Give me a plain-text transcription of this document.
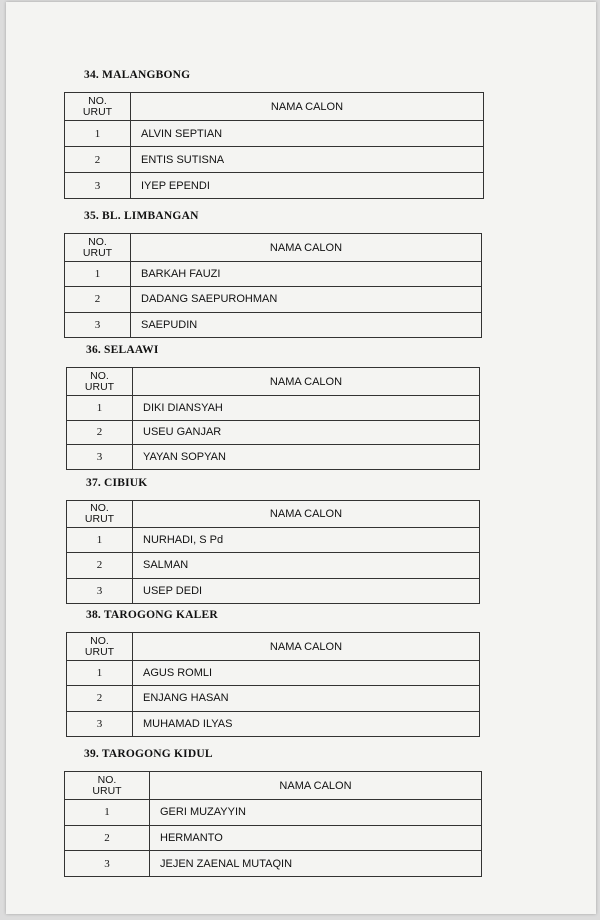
34. MALANGBONG
NO.
URUT	NAMA CALON
1	ALVIN SEPTIAN
2	ENTIS SUTISNA
3	IYEP EPENDI
35. BL. LIMBANGAN
NO.
URUT	NAMA CALON
1	BARKAH FAUZI
2	DADANG SAEPUROHMAN
3	SAEPUDIN
36. SELAAWI
NO.
URUT	NAMA CALON
1	DIKI DIANSYAH
2	USEU GANJAR
3	YAYAN SOPYAN
37. CIBIUK
NO.
URUT	NAMA CALON
1	NURHADI, S Pd
2	SALMAN
3	USEP DEDI
38. TAROGONG KALER
NO.
URUT	NAMA CALON
1	AGUS ROMLI
2	ENJANG HASAN
3	MUHAMAD ILYAS
39. TAROGONG KIDUL
NO.
URUT	NAMA CALON
1	GERI MUZAYYIN
2	HERMANTO
3	JEJEN ZAENAL MUTAQIN
